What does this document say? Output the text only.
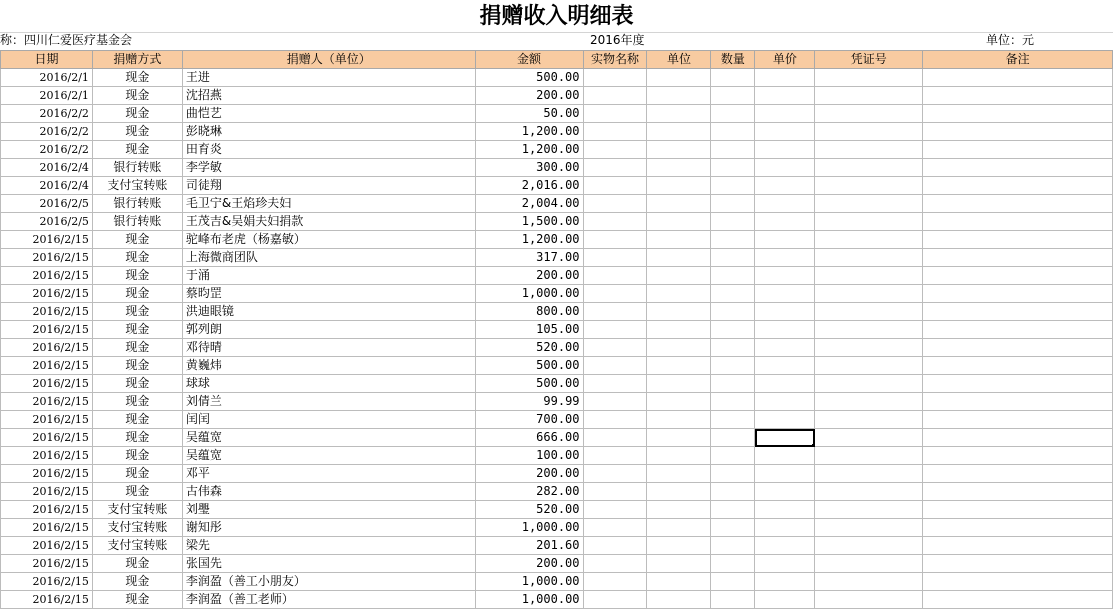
捐赠收入明细表
称：四川仁爱医疗基金会	2016年度	单位：元
日期	捐赠方式	捐赠人（单位）	金额	实物名称	单位	数量	单价	凭证号	备注
2016/2/1	现金	王进	500.00						
2016/2/1	现金	沈招燕	200.00						
2016/2/2	现金	曲恺艺	50.00						
2016/2/2	现金	彭晓琳	1,200.00						
2016/2/2	现金	田育炎	1,200.00						
2016/2/4	银行转账	李学敏	300.00						
2016/2/4	支付宝转账	司徒翔	2,016.00						
2016/2/5	银行转账	毛卫宁&王焰珍夫妇	2,004.00						
2016/2/5	银行转账	王茂吉&吴娟夫妇捐款	1,500.00						
2016/2/15	现金	驼峰布老虎（杨嘉敏）	1,200.00						
2016/2/15	现金	上海微商团队	317.00						
2016/2/15	现金	于涌	200.00						
2016/2/15	现金	蔡昀罡	1,000.00						
2016/2/15	现金	洪迪眼镜	800.00						
2016/2/15	现金	郭列朗	105.00						
2016/2/15	现金	邓待晴	520.00						
2016/2/15	现金	黄巍炜	500.00						
2016/2/15	现金	球球	500.00						
2016/2/15	现金	刘倩兰	99.99						
2016/2/15	现金	闰闰	700.00						
2016/2/15	现金	吴蕴宽	666.00				

2016/2/15	现金	吴蕴宽	100.00						
2016/2/15	现金	邓平	200.00						
2016/2/15	现金	古伟森	282.00						
2016/2/15	支付宝转账	刘璺	520.00						
2016/2/15	支付宝转账	谢知彤	1,000.00						
2016/2/15	支付宝转账	梁先	201.60						
2016/2/15	现金	张国先	200.00						
2016/2/15	现金	李润盈（善工小朋友）	1,000.00						
2016/2/15	现金	李润盈（善工老师）	1,000.00						
